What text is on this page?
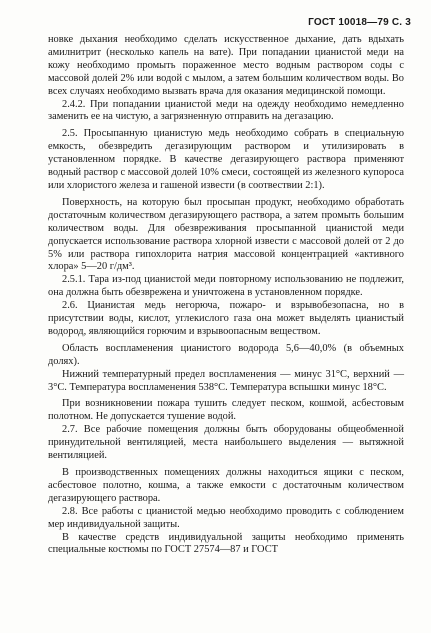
ГОСТ 10018—79 С. 3

новке дыхания необходимо сделать искусственное дыхание, дать вдыхать амилнитрит (несколько капель на вате). При попадании цианистой меди на кожу необходимо промыть пораженное место водным раствором соды с массовой долей 2% или водой с мылом, а затем большим количеством воды. Во всех случаях необходимо вызвать врача для оказания медицинской помощи.

2.4.2. При попадании цианистой меди на одежду необходимо немедленно заменить ее на чистую, а загрязненную отправить на дегазацию.

2.5. Просыпанную цианистую медь необходимо собрать в специальную емкость, обезвредить дегазирующим раствором и утилизировать в установленном порядке. В качестве дегазирующего раствора применяют водный раствор с массовой долей 10% смеси, состоящей из железного купороса или хлористого железа и гашеной извести (в соотвествии 2:1).

Поверхность, на которую был просыпан продукт, необходимо обработать достаточным количеством дегазирующего раствора, а затем промыть большим количеством воды. Для обезвреживания просыпанной цианистой меди допускается использование раствора хлорной извести с массовой долей от 2 до 5% или раствора гипохлорита натрия массовой концентрацией «активного хлора» 5—20 г/дм³.

2.5.1. Тара из-под цианистой меди повторному использованию не подлежит, она должна быть обезврежена и уничтожена в установленном порядке.

2.6. Цианистая медь негорюча, пожаро- и взрывобезопасна, но в присутствии воды, кислот, углекислого газа она может выделять цианистый водород, являющийся горючим и взрывоопасным веществом.

Область воспламенения цианистого водорода 5,6—40,0% (в объемных долях).

Нижний температурный предел воспламенения — минус 31°С, верхний — 3°С. Температура воспламенения 538°С. Температура вспышки минус 18°С.

При возникновении пожара тушить следует песком, кошмой, асбестовым полотном. Не допускается тушение водой.

2.7. Все рабочие помещения должны быть оборудованы общеобменной принудительной вентиляцией, места наибольшего выделения — вытяжной вентиляцией.

В производственных помещениях должны находиться ящики с песком, асбестовое полотно, кошма, а также емкости с достаточным количеством дегазирующего раствора.

2.8. Все работы с цианистой медью необходимо проводить с соблюдением мер индивидуальной защиты.

В качестве средств индивидуальной защиты необходимо применять специальные костюмы по ГОСТ 27574—87 и ГОСТ
